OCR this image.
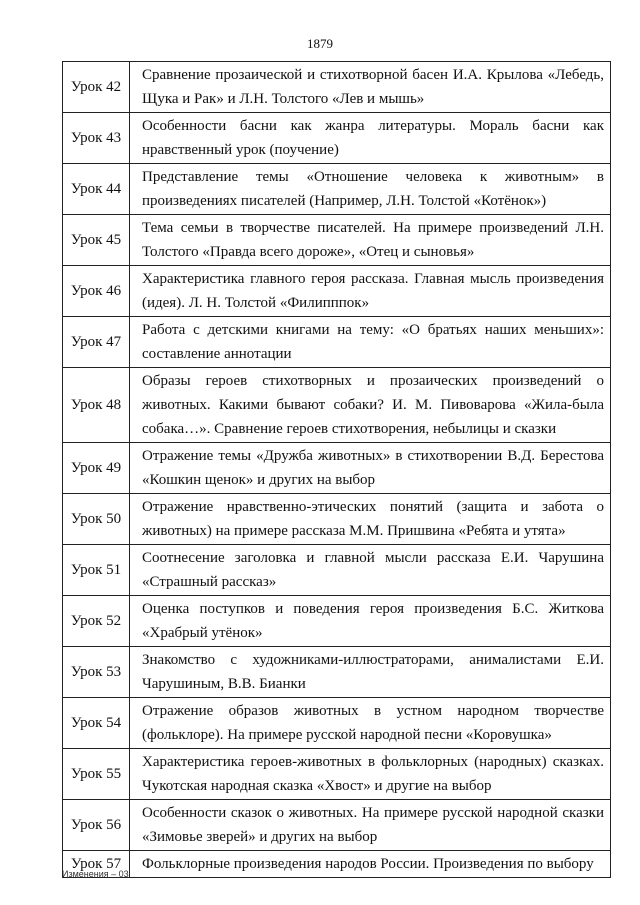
1879
Урок 42	Сравнение прозаической и стихотворной басен И.А. Крылова «Лебедь, Щука и Рак» и Л.Н. Толстого «Лев и мышь»
Урок 43	Особенности басни как жанра литературы. Мораль басни как нравственный урок (поучение)
Урок 44	Представление темы «Отношение человека к животным» в произведениях писателей (Например, Л.Н. Толстой «Котёнок»)
Урок 45	Тема семьи в творчестве писателей. На примере произведений Л.Н. Толстого «Правда всего дороже», «Отец и сыновья»
Урок 46	Характеристика главного героя рассказа. Главная мысль произведения (идея). Л. Н. Толстой «Филипппок»
Урок 47	Работа с детскими книгами на тему: «О братьях наших меньших»: составление аннотации
Урок 48	Образы героев стихотворных и прозаических произведений о животных. Какими бывают собаки? И. М. Пивоварова «Жила-была собака…». Сравнение героев стихотворения, небылицы и сказки
Урок 49	Отражение темы «Дружба животных» в стихотворении В.Д. Берестова «Кошкин щенок» и других на выбор
Урок 50	Отражение нравственно-этических понятий (защита и забота о животных) на примере рассказа М.М. Пришвина «Ребята и утята»
Урок 51	Соотнесение заголовка и главной мысли рассказа Е.И. Чарушина «Страшный рассказ»
Урок 52	Оценка поступков и поведения героя произведения Б.С. Житкова «Храбрый утёнок»
Урок 53	Знакомство с художниками-иллюстраторами, анималистами Е.И. Чарушиным, В.В. Бианки
Урок 54	Отражение образов животных в устном народном творчестве (фольклоре). На примере русской народной песни «Коровушка»
Урок 55	Характеристика героев-животных в фольклорных (народных) сказках. Чукотская народная сказка «Хвост» и другие на выбор
Урок 56	Особенности сказок о животных. На примере русской народной сказки «Зимовье зверей» и других на выбор
Урок 57	Фольклорные произведения народов России. Произведения по выбору
Изменения – 03
